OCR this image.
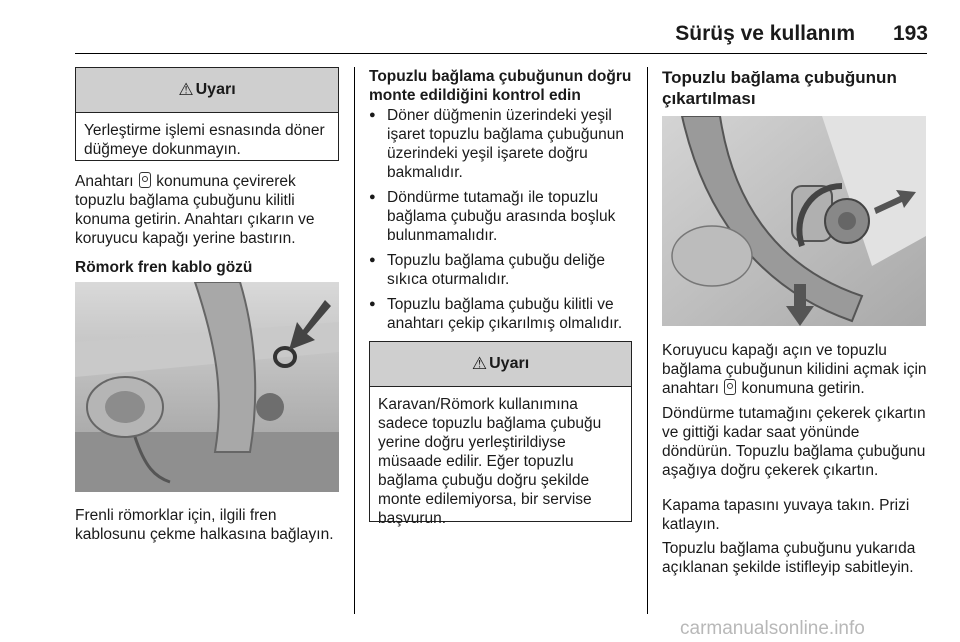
Sürüş ve kullanım	193
⚠ Uyarı
Yerleştirme işlemi esnasında döner düğmeye dokunmayın.

Anahtarı  konumuna çevirerek topuzlu bağlama çubuğunu kilitli konuma getirin. Anahtarı çıkarın ve koruyucu kapağı yerine bastırın.

Römork fren kablo gözü

Frenli römorklar için, ilgili fren kablosunu çekme halkasına bağlayın.

Topuzlu bağlama çubuğunun doğru monte edildiğini kontrol edin

● Döner düğmenin üzerindeki yeşil işaret topuzlu bağlama çubuğunun üzerindeki yeşil işarete doğru bakmalıdır.
● Döndürme tutamağı ile topuzlu bağlama çubuğu arasında boşluk bulunmamalıdır.
● Topuzlu bağlama çubuğu deliğe sıkıca oturmalıdır.
● Topuzlu bağlama çubuğu kilitli ve anahtarı çekip çıkarılmış olmalıdır.
⚠ Uyarı
Karavan/Römork kullanımına sadece topuzlu bağlama çubuğu yerine doğru yerleştirildiyse müsaade edilir. Eğer topuzlu bağlama çubuğu doğru şekilde monte edilemiyorsa, bir servise başvurun.

Topuzlu bağlama çubuğunun çıkartılması

Koruyucu kapağı açın ve topuzlu bağlama çubuğunun kilidini açmak için anahtarı  konumuna getirin.

Döndürme tutamağını çekerek çıkartın ve gittiği kadar saat yönünde döndürün. Topuzlu bağlama çubuğunu aşağıya doğru çekerek çıkartın.

Kapama tapasını yuvaya takın. Prizi katlayın.

Topuzlu bağlama çubuğunu yukarıda açıklanan şekilde istifleyip sabitleyin.

carmanualsonline.info
